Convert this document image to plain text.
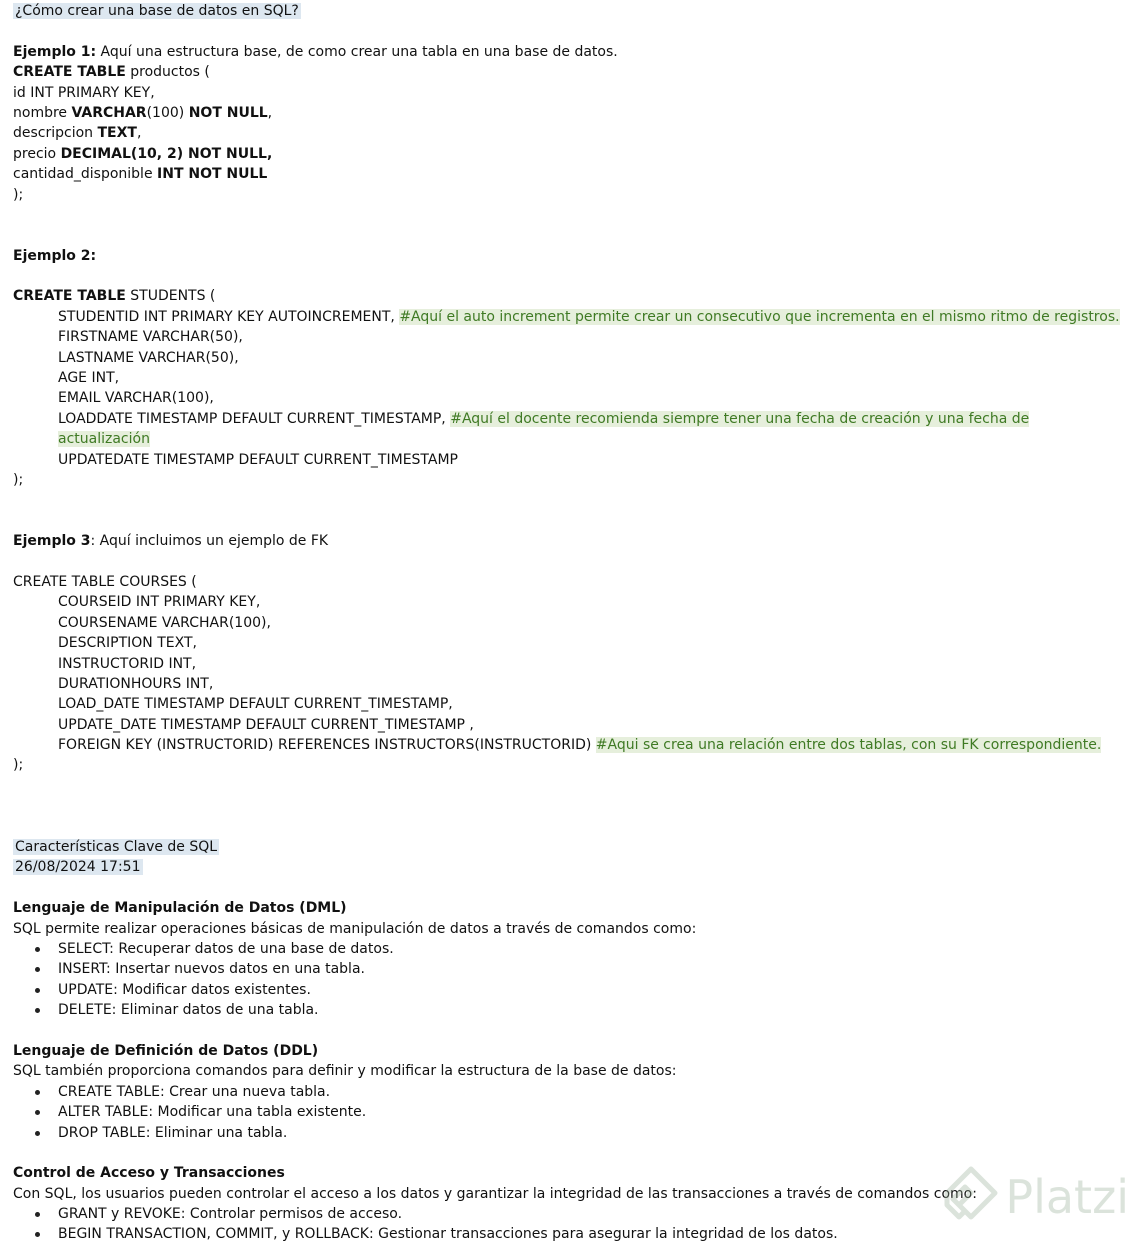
¿Cómo crear una base de datos en SQL?
Ejemplo 1: Aquí una estructura base, de como crear una tabla en una base de datos.
CREATE TABLE productos (
id INT PRIMARY KEY,
nombre VARCHAR(100) NOT NULL,
descripcion TEXT,
precio DECIMAL(10, 2) NOT NULL,
cantidad_disponible INT NOT NULL
);
Ejemplo 2:
CREATE TABLE STUDENTS (
STUDENTID INT PRIMARY KEY AUTOINCREMENT, #Aquí el auto increment permite crear un consecutivo que incrementa en el mismo ritmo de registros.
FIRSTNAME VARCHAR(50),
LASTNAME VARCHAR(50),
AGE INT,
EMAIL VARCHAR(100),
LOADDATE TIMESTAMP DEFAULT CURRENT_TIMESTAMP, #Aquí el docente recomienda siempre tener una fecha de creación y una fecha de actualización
UPDATEDATE TIMESTAMP DEFAULT CURRENT_TIMESTAMP
);
Ejemplo 3: Aquí incluimos un ejemplo de FK
CREATE TABLE COURSES (
COURSEID INT PRIMARY KEY,
COURSENAME VARCHAR(100),
DESCRIPTION TEXT,
INSTRUCTORID INT,
DURATIONHOURS INT,
LOAD_DATE TIMESTAMP DEFAULT CURRENT_TIMESTAMP,
UPDATE_DATE TIMESTAMP DEFAULT CURRENT_TIMESTAMP ,
FOREIGN KEY (INSTRUCTORID) REFERENCES INSTRUCTORS(INSTRUCTORID) #Aqui se crea una relación entre dos tablas, con su FK correspondiente.
);
Características Clave de SQL
26/08/2024 17:51
Lenguaje de Manipulación de Datos (DML)
SQL permite realizar operaciones básicas de manipulación de datos a través de comandos como:
SELECT: Recuperar datos de una base de datos.
INSERT: Insertar nuevos datos en una tabla.
UPDATE: Modificar datos existentes.
DELETE: Eliminar datos de una tabla.
Lenguaje de Definición de Datos (DDL)
SQL también proporciona comandos para definir y modificar la estructura de la base de datos:
CREATE TABLE: Crear una nueva tabla.
ALTER TABLE: Modificar una tabla existente.
DROP TABLE: Eliminar una tabla.
Control de Acceso y Transacciones
Con SQL, los usuarios pueden controlar el acceso a los datos y garantizar la integridad de las transacciones a través de comandos como:
GRANT y REVOKE: Controlar permisos de acceso.
BEGIN TRANSACTION, COMMIT, y ROLLBACK: Gestionar transacciones para asegurar la integridad de los datos.
Platzi
